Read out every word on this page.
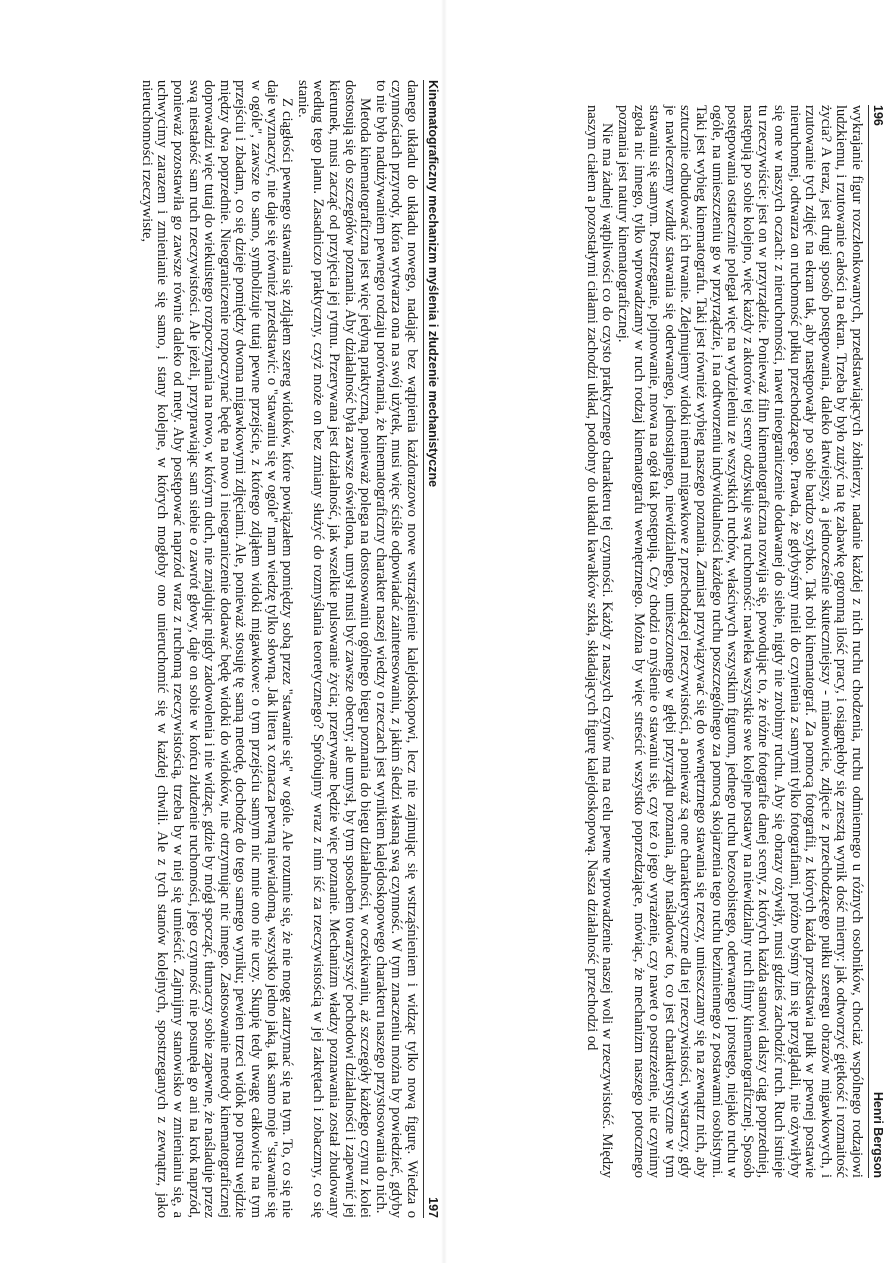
196
Henri Bergson

wykrajanie figur rozczłonkowanych, przedstawiających żołnierzy, nadanie każdej z nich ruchu chodzenia, ruchu odmiennego u różnych osobników, chociaż wspólnego rodzajowi ludzkiemu, i rzutowanie całości na ekran. Trzeba by było zużyć na tę zabawkę ogromną ilość pracy, i osiągnęłoby się zresztą wynik dość mierny: jak odtworzyć giętkość i rozmaitość życia? A teraz, jest drugi sposób postępowania, daleko łatwiejszy, a jednocześnie skuteczniejszy - mianowicie, zdjęcie z przechodzącego pułku szeregu obrazów migawkowych, i rzutowanie tych zdjęć na ekran tak, aby następowały po sobie bardzo szybko. Tak robi kinematograf. Za pomocą fotografii, z których każda przedstawia pułk w pewnej postawie nieruchomej, odtwarza on ruchomość pułku przechodzącego. Prawda, że gdybyśmy mieli do czynienia z samymi tylko fotografiami, próżno byśmy im się przyglądali, nie ożywiłyby się one w naszych oczach: z nieruchomości, nawet nieograniczenie dodawanej do siebie, nigdy nie zrobimy ruchu. Aby się obrazy ożywiły, musi gdzieś zachodzić ruch. Ruch istnieje tu rzeczywiście: jest on w przyrządzie. Ponieważ film kinematograficzna rozwija się, powodując to, że różne fotografie danej sceny, z których każda stanowi dalszy ciąg poprzedniej, następują po sobie kolejno, więc każdy z aktorów tej sceny odzyskuje swą ruchomość: nawleka wszystkie swe kolejne postawy na niewidzialny ruch filmy kinematograficznej. Sposób postępowania ostatecznie polegał więc na wydzieleniu ze wszystkich ruchów, właściwych wszystkim figurom, jednego ruchu bezosobistego, oderwanego i prostego, niejako ruchu w ogóle, na umieszczeniu go w przyrządzie, i na odtworzeniu indywidualności każdego ruchu poszczególnego za pomocą skojarzenia tego ruchu bezimiennego z postawami osobistymi. Taki jest wybieg kinematografu. Taki jest również wybieg naszego poznania. Zamiast przywiązywać się do wewnętrznego stawania się rzeczy, umieszczamy się na zewnątrz nich, aby sztucznie odbudować ich trwanie. Zdejmujemy widoki niemal migawkowe z przechodzącej rzeczywistości, a ponieważ są one charakterystyczne dla tej rzeczywistości, wystarczy, gdy je nawleczemy wzdłuż stawania się oderwanego, jednostajnego, niewidzialnego, umieszczonego w głębi przyrządu poznania, aby naśladować to, co jest charakterystyczne w tym stawaniu się samym. Postrzeganie, pojmowanie, mowa na ogół tak postępują. Czy chodzi o myślenie o stawaniu się, czy też o jego wyrażenie, czy nawet o postrzeżenie, nie czynimy zgoła nic innego, tylko wprowadzamy w ruch rodzaj kinematografu wewnętrznego. Można by więc streścić wszystko poprzedzające, mówiąc, że mechanizm naszego potocznego poznania jest natury kinematograficznej.

Nie ma żadnej wątpliwości co do czysto praktycznego charakteru tej czynności. Każdy z naszych czynów ma na celu pewne wprowadzenie naszej woli w rzeczywistość. Między naszym ciałem a pozostałymi ciałami zachodzi układ, podobny do układu kawałków szkła, składających figurę kalejdoskopową. Nasza działalność przechodzi od

Kinematograficzny mechanizm myślenia i złudzenie mechanistyczne
197

danego układu do układu nowego, nadając bez wątpienia każdorazowo nowe wstrząśnienie kalejdoskopowi, lecz nie zajmując się wstrząśnieniem i widząc tylko nową figurę. Wiedza o czynnościach przyrody, która wytwarza ona na swój użytek, musi więc ściśle odpowiadać zainteresowaniu, z jakim śledzi własną swą czynność. W tym znaczeniu można by powiedzieć, gdyby to nie było nadużywaniem pewnego rodzaju porównania, że kinematograficzny charakter naszej wiedzy o rzeczach jest wynikiem kalejdoskopowego charakteru naszego przystosowania do nich.

Metoda kinematograficzna jest więc jedyną praktyczną, ponieważ polega na dostosowaniu ogólnego biegu poznania do biegu działalności, w oczekiwaniu, aż szczegóły każdego czynu z kolei dostosują się do szczegółów poznania. Aby działalność była zawsze oświetlona, umysł musi być zawsze obecny; ale umysł, by tym sposobem towarzyszyć pochodowi działalności i zapewnić jej kierunek, musi zacząć od przyjęcia jej rytmu. Przerywana jest działalność, jak wszelkie pulsowanie życia; przerywane będzie więc poznanie. Mechanizm władzy poznawania został zbudowany według tego planu. Zasadniczo praktyczny, czyż może on bez zmiany służyć do rozmyślania teoretycznego? Spróbujmy wraz z nim iść za rzeczywistością w jej zakrętach i zobaczmy, co się stanie.

Z ciągłości pewnego stawania się zdjąłem szereg widoków, które powiązałem pomiędzy sobą przez "stawanie się" w ogóle. Ale rozumie się, że nie mogę zatrzymać się na tym. To, co się nie daje wyznaczyć, nie daje się również przedstawić: o "stawaniu się w ogóle" mam wiedzę tylko słowną. Jak litera x oznacza pewną niewiadomą, wszystko jedno jaką, tak samo moje "stawanie się w ogóle", zawsze to samo, symbolizuje tutaj pewne przejście, z którego zdjąłem widoki migawkowe: o tym przejściu samym nic mnie ono nie uczy. Skupię tedy uwagę całkowicie na tym przejściu i zbadam, co się dzieje pomiędzy dwoma migawkowymi zdjęciami. Ale, ponieważ stosuję tę samą metodę, dochodzę do tego samego wyniku; pewien trzeci widok po prostu wejdzie między dwa poprzednie. Nieograniczenie rozpoczynać będę na nowo i nieograniczenie dodawać będę widoki do widoków, nie otrzymując nic innego. Zastosowanie metody kinematograficznej doprowadzi więc tutaj do wiekuistego rozpoczynania na nowo, w którym duch, nie znajdując nigdy zadowolenia i nie widząc, gdzie by mógł spocząć, tłumaczy sobie zapewne, że naśladuje przez swą niestałość sam ruch rzeczywistości. Ale jeżeli, przyprawiając sam siebie o zawrót głowy, daje on sobie w końcu złudzenie ruchomości, jego czynność nie posunęła go ani na krok naprzód, ponieważ pozostawiła go zawsze równie daleko od mety. Aby postępować naprzód wraz z ruchomą rzeczywistością, trzeba by w niej się umieścić. Zajmijmy stanowisko w zmienianiu się, a uchwycimy zarazem i zmienianie się samo, i stany kolejne, w których mogłoby ono unieruchomić się w każdej chwili. Ale z tych stanów kolejnych, spostrzeganych z zewnątrz, jako nieruchomości rzeczywiste,
